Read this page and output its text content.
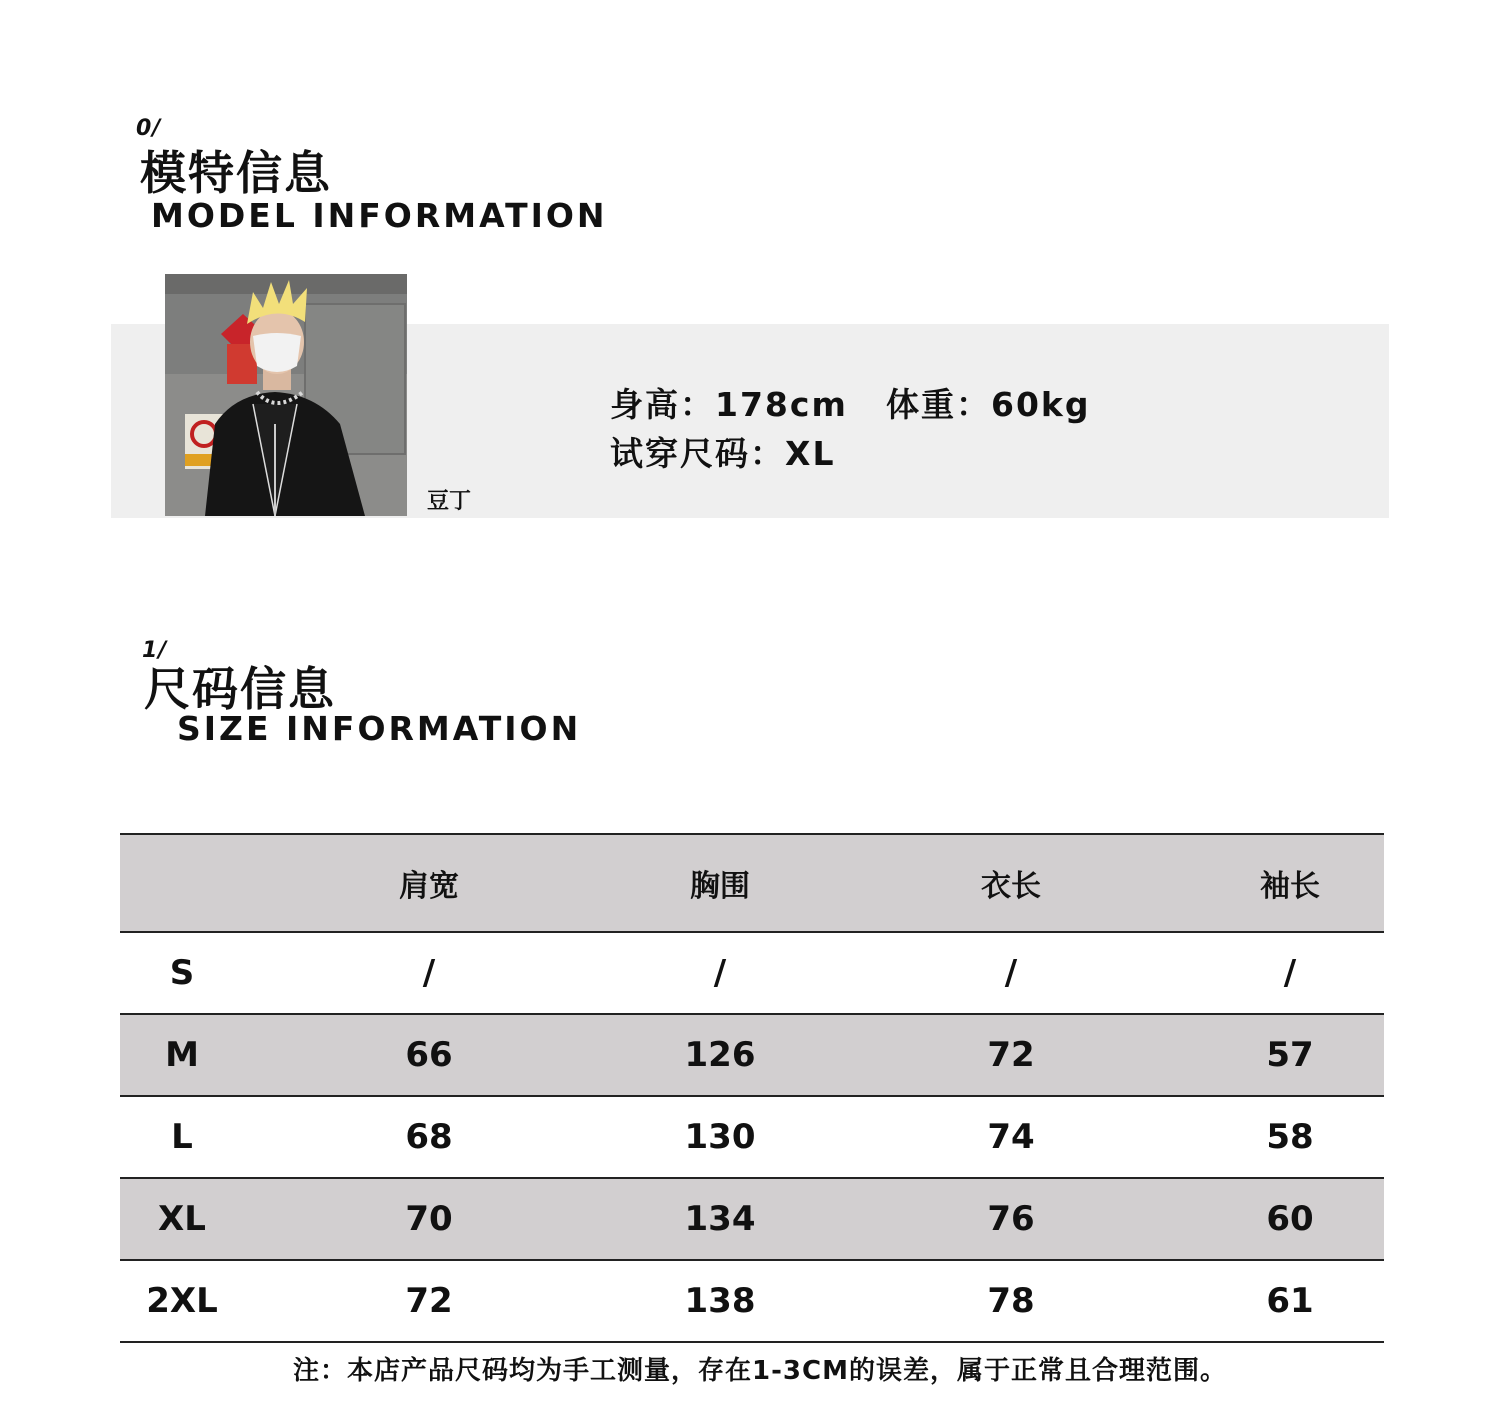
0/
模特信息
MODEL INFORMATION
豆丁
身高：178cm 体重：60kg
试穿尺码：XL
1/
尺码信息
SIZE INFORMATION
	肩宽	胸围	衣长	袖长
S	/	/	/	/
M	66	126	72	57
L	68	130	74	58
XL	70	134	76	60
2XL	72	138	78	61
注：本店产品尺码均为手工测量，存在1-3CM的误差，属于正常且合理范围。
